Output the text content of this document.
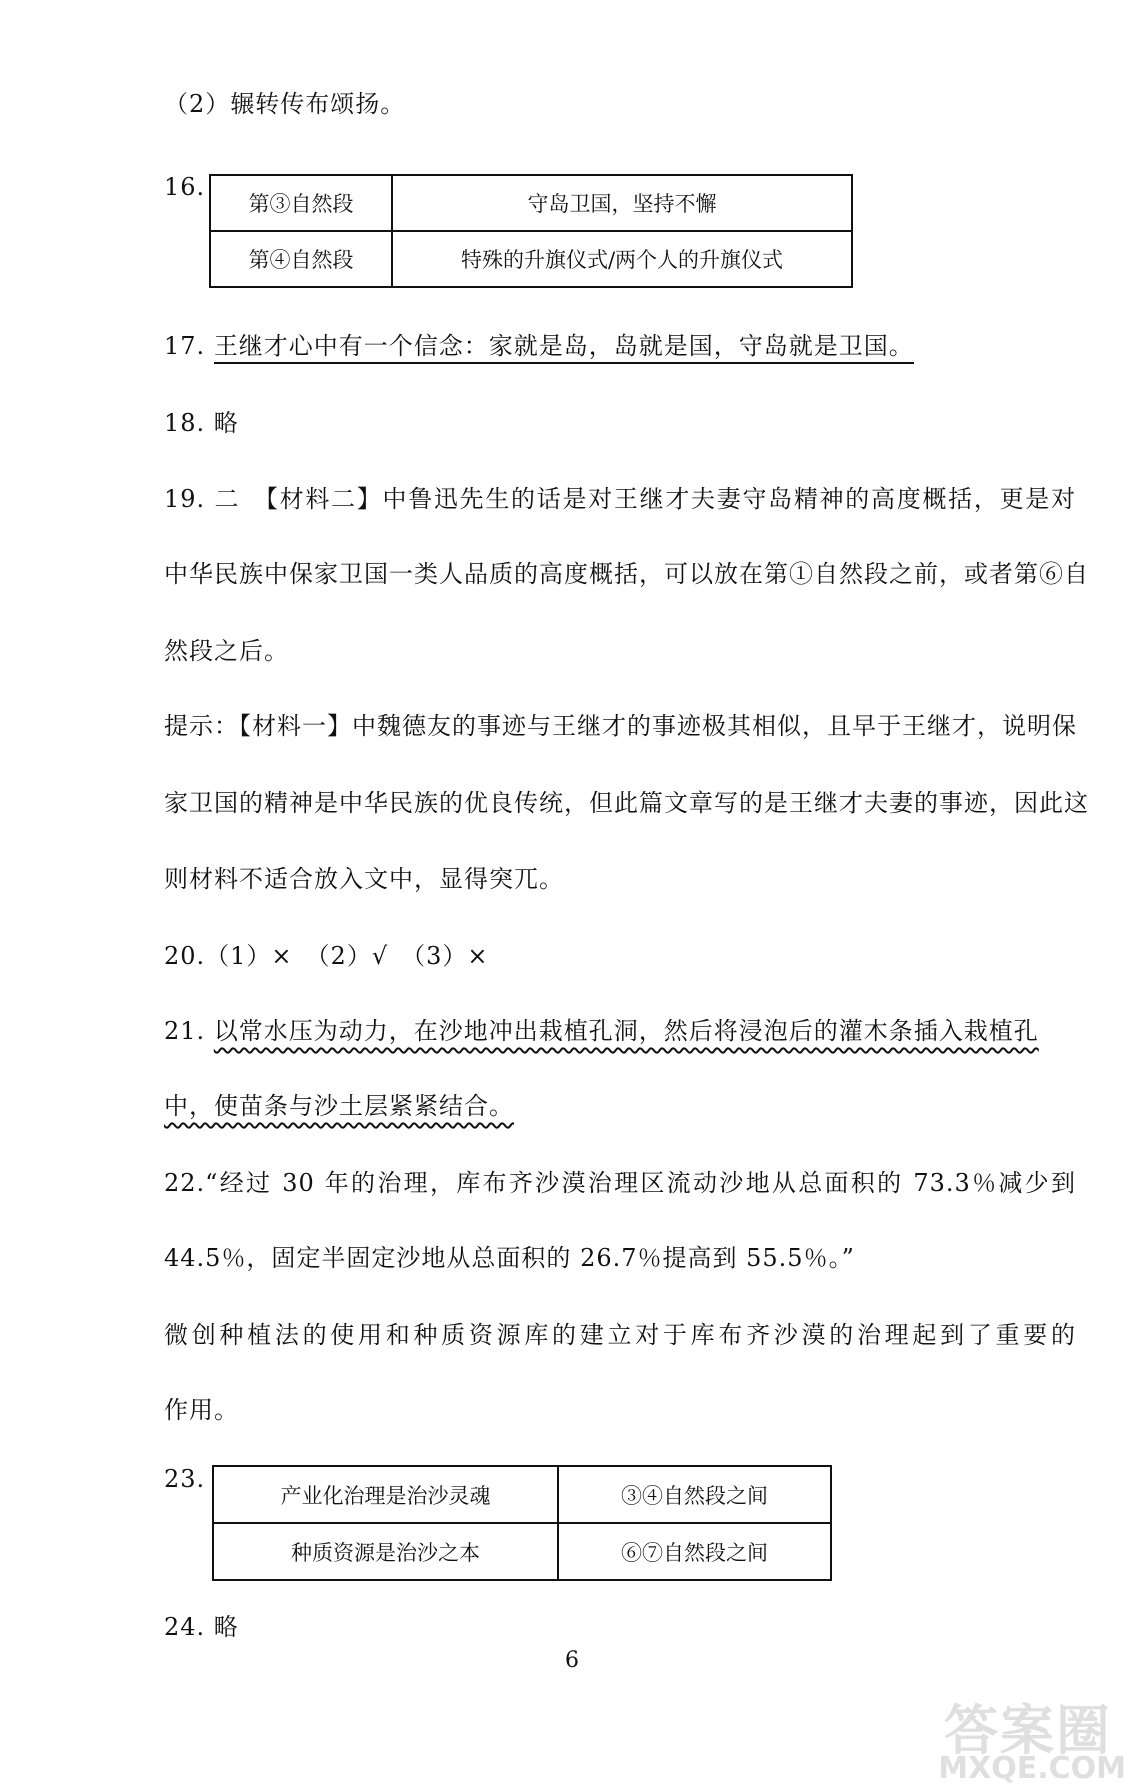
（2）辗转传布颂扬。
16.
第③自然段	守岛卫国，坚持不懈
第④自然段	特殊的升旗仪式/两个人的升旗仪式
17. 王继才心中有一个信念：家就是岛，岛就是国，守岛就是卫国。
18. 略
19. 二　【材料二】中鲁迅先生的话是对王继才夫妻守岛精神的高度概括，更是对
中华民族中保家卫国一类人品质的高度概括，可以放在第①自然段之前，或者第⑥自
然段之后。
提示：【材料一】中魏德友的事迹与王继才的事迹极其相似，且早于王继才，说明保
家卫国的精神是中华民族的优良传统，但此篇文章写的是王继才夫妻的事迹，因此这
则材料不适合放入文中，显得突兀。
20.（1）×　（2）√　（3）×
21. 以常水压为动力，在沙地冲出栽植孔洞，然后将浸泡后的灌木条插入栽植孔
中，使苗条与沙土层紧紧结合。
22.“经过 30 年的治理，库布齐沙漠治理区流动沙地从总面积的 73.3％减少到
44.5％，固定半固定沙地从总面积的 26.7％提高到 55.5％。”
微创种植法的使用和种质资源库的建立对于库布齐沙漠的治理起到了重要的
作用。
23.
产业化治理是治沙灵魂	③④自然段之间
种质资源是治沙之本	⑥⑦自然段之间
24. 略
6
答案圈
MXQE.COM
